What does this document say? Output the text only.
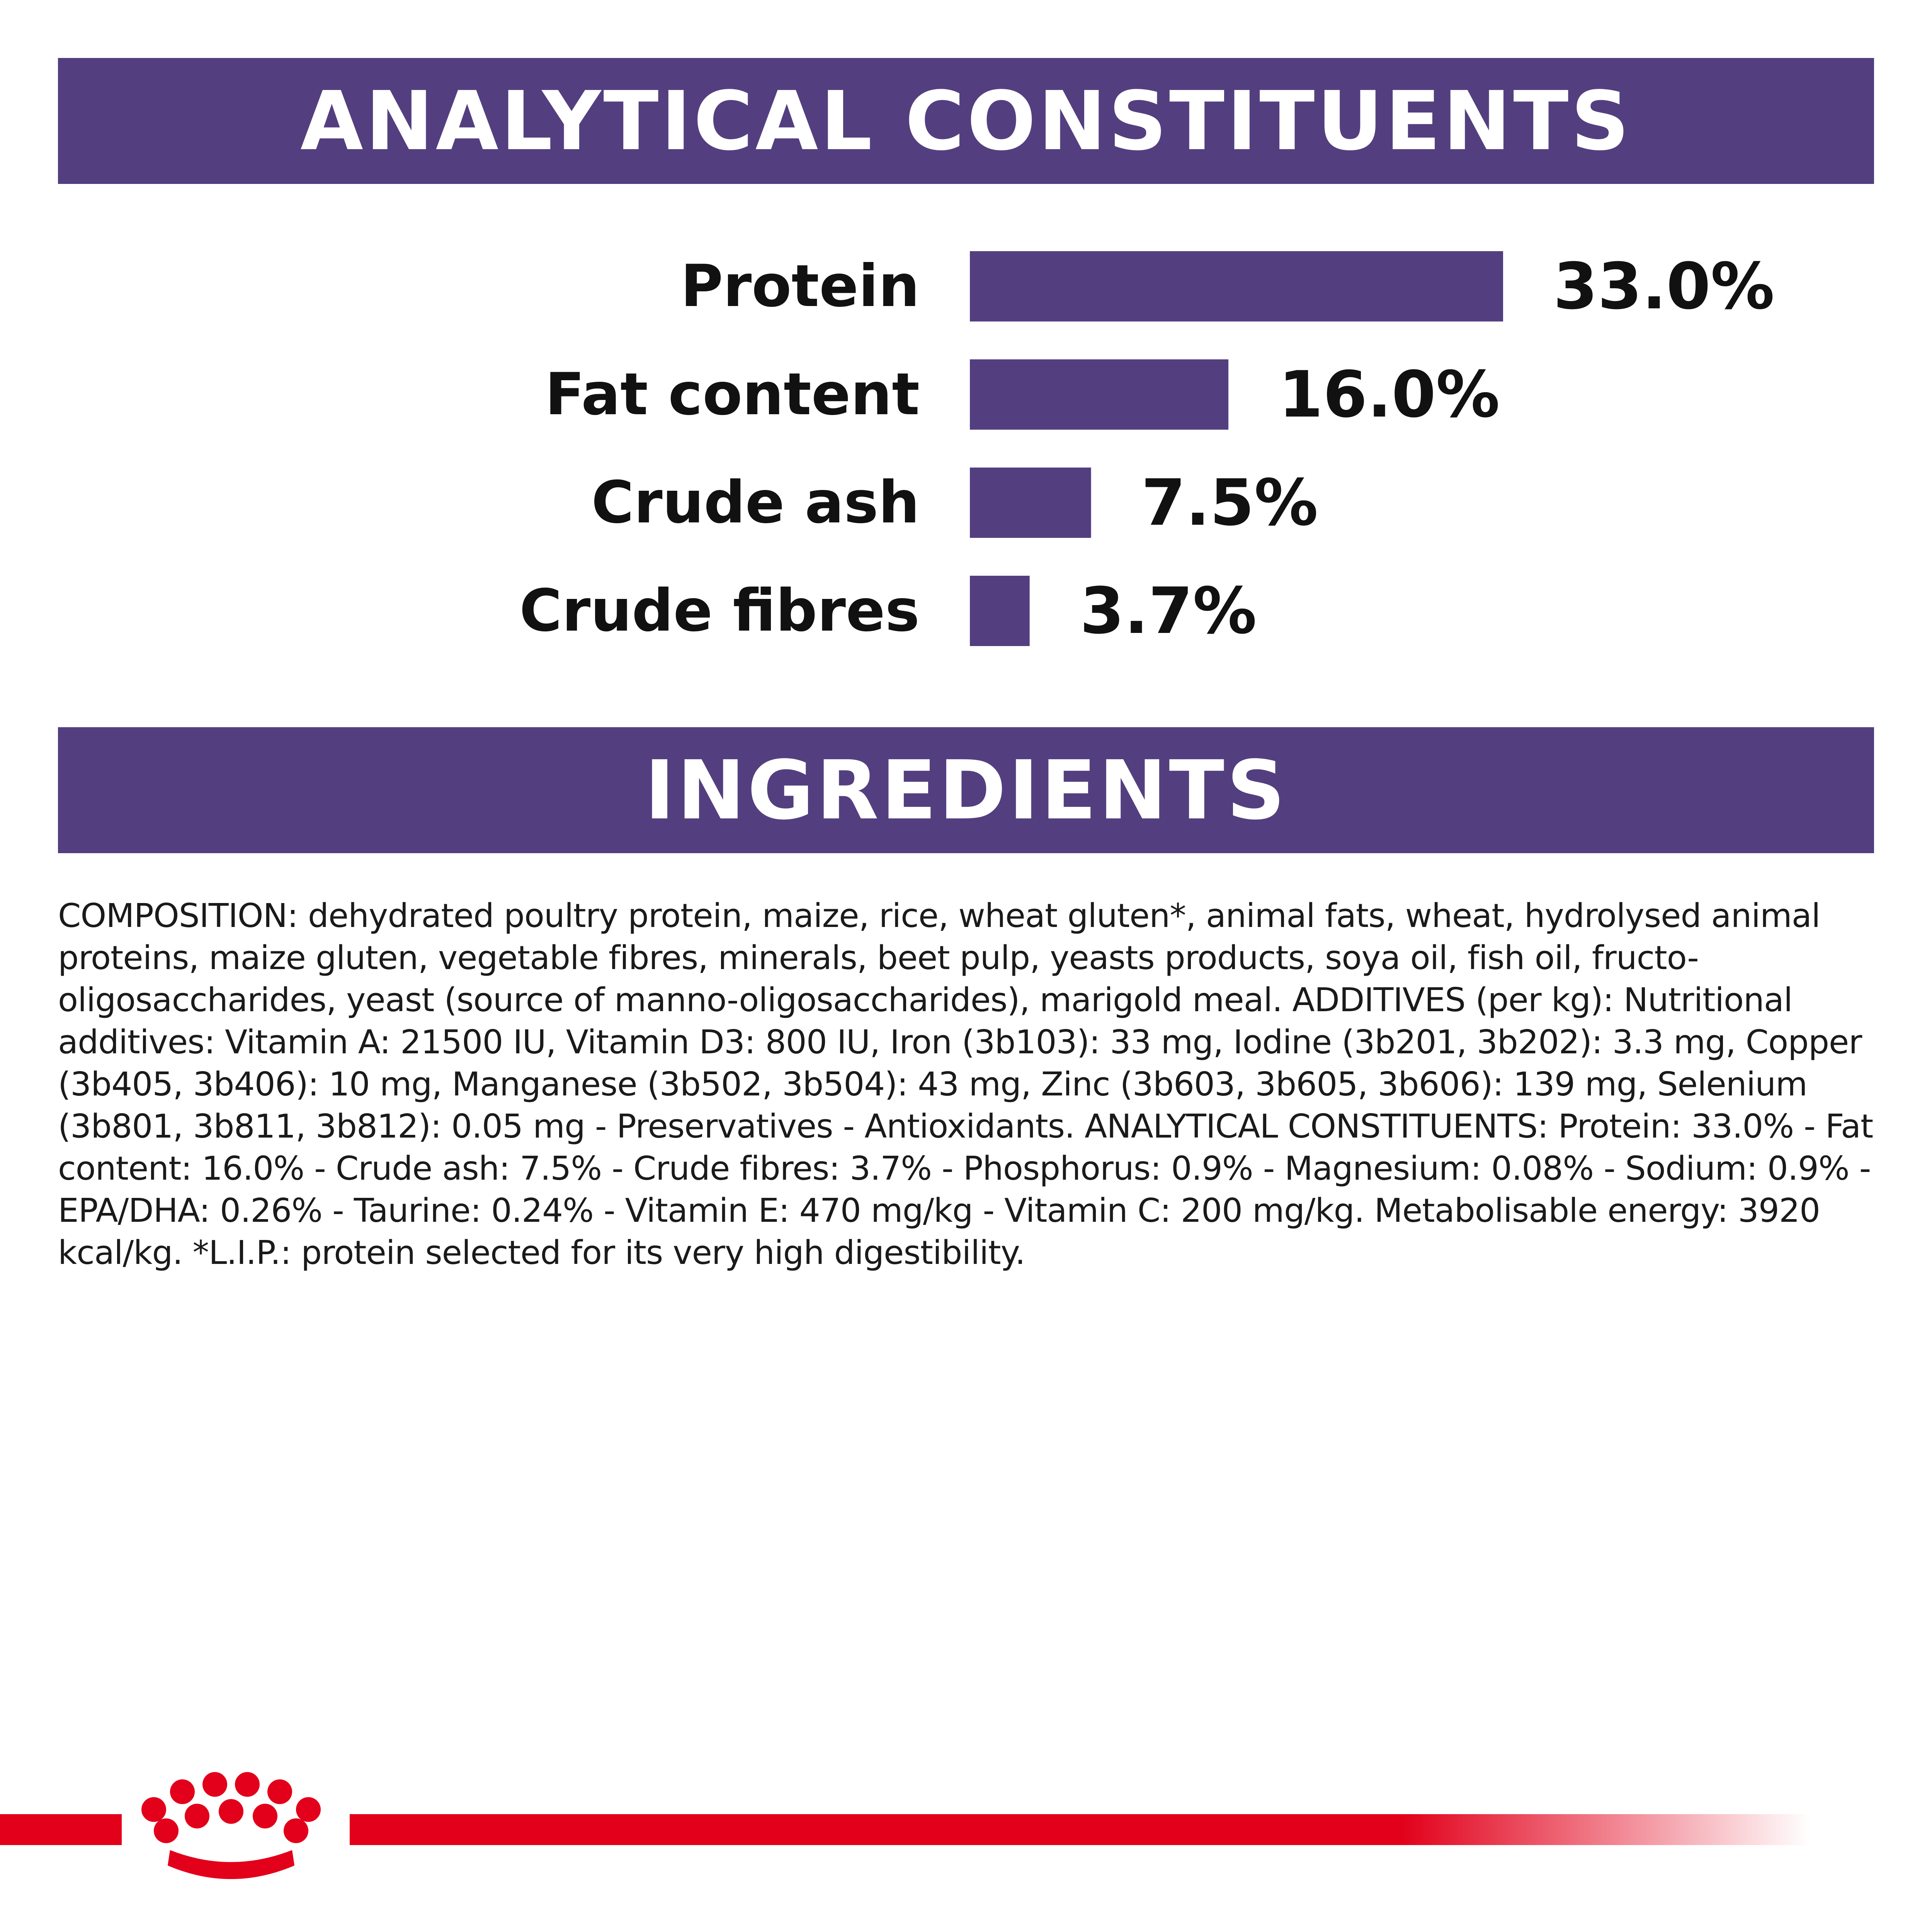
ANALYTICAL CONSTITUENTS
Protein	33.0%
Fat content	16.0%
Crude ash	7.5%
Crude fibres	3.7%
INGREDIENTS

COMPOSITION: dehydrated poultry protein, maize, rice, wheat gluten*, animal fats, wheat, hydrolysed animal proteins, maize gluten, vegetable fibres, minerals, beet pulp, yeasts products, soya oil, fish oil, fructo-oligosaccharides, yeast (source of manno-oligosaccharides), marigold meal. ADDITIVES (per kg): Nutritional additives: Vitamin A: 21500 IU, Vitamin D3: 800 IU, Iron (3b103): 33 mg, Iodine (3b201, 3b202): 3.3 mg, Copper (3b405, 3b406): 10 mg, Manganese (3b502, 3b504): 43 mg, Zinc (3b603, 3b605, 3b606): 139 mg, Selenium (3b801, 3b811, 3b812): 0.05 mg - Preservatives - Antioxidants. ANALYTICAL CONSTITUENTS: Protein: 33.0% - Fat content: 16.0% - Crude ash: 7.5% - Crude fibres: 3.7% - Phosphorus: 0.9% - Magnesium: 0.08% - Sodium: 0.9% - EPA/DHA: 0.26% - Taurine: 0.24% - Vitamin E: 470 mg/kg - Vitamin C: 200 mg/kg. Metabolisable energy: 3920 kcal/kg. *L.I.P.: protein selected for its very high digestibility.
